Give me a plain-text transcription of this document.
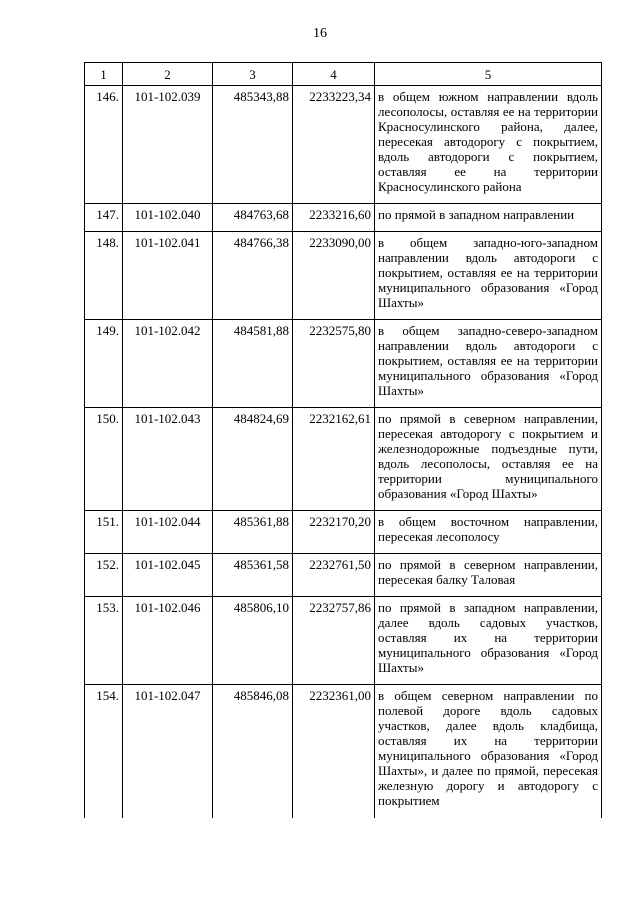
16
1	2	3	4	5
146.	101-102.039	485343,88	2233223,34	в общем южном направлении вдоль лесополосы, оставляя ее на территории Красносулинского района, далее, пересекая автодорогу с покрытием, вдоль автодороги с покрытием, оставляя ее на территории Красносулинского района
147.	101-102.040	484763,68	2233216,60	по прямой в западном направлении
148.	101-102.041	484766,38	2233090,00	в общем западно-юго-западном направлении вдоль автодороги с покрытием, оставляя ее на территории муниципального образования «Город Шахты»
149.	101-102.042	484581,88	2232575,80	в общем западно-северо-западном направлении вдоль автодороги с покрытием, оставляя ее на территории муниципального образования «Город Шахты»
150.	101-102.043	484824,69	2232162,61	по прямой в северном направлении, пересекая автодорогу с покрытием и железнодорожные подъездные пути, вдоль лесополосы, оставляя ее на территории муниципального образования «Город Шахты»
151.	101-102.044	485361,88	2232170,20	в общем восточном направлении, пересекая лесополосу
152.	101-102.045	485361,58	2232761,50	по прямой в северном направлении, пересекая балку Таловая
153.	101-102.046	485806,10	2232757,86	по прямой в западном направлении, далее вдоль садовых участков, оставляя их на территории муниципального образования «Город Шахты»
154.	101-102.047	485846,08	2232361,00	в общем северном направлении по полевой дороге вдоль садовых участков, далее вдоль кладбища, оставляя их на территории муниципального образования «Город Шахты», и далее по прямой, пересекая железную дорогу и автодорогу с покрытием
